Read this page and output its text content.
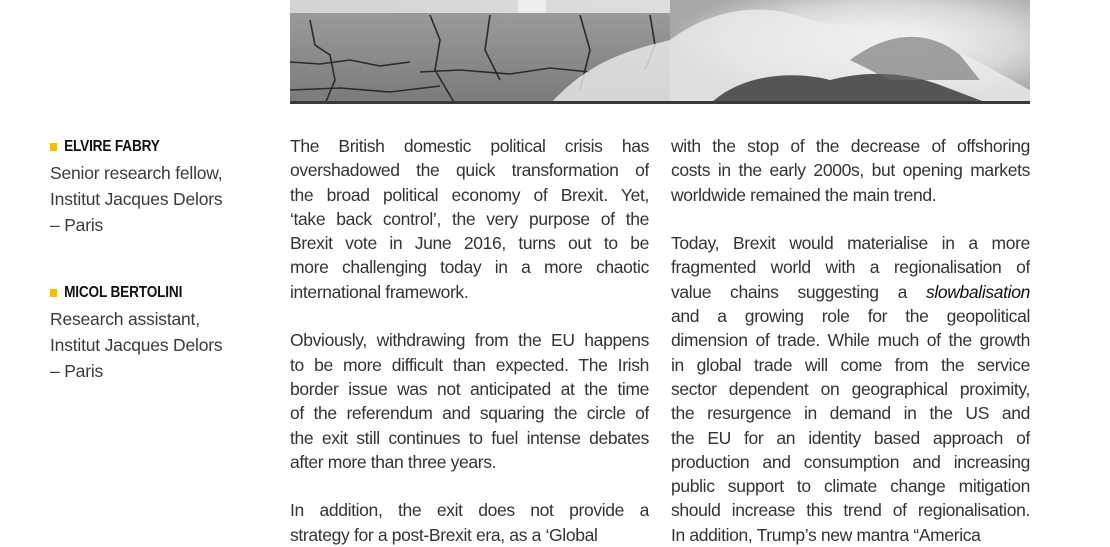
ELVIRE FABRY
Senior research fellow,
Institut Jacques Delors
– Paris
MICOL BERTOLINI
Research assistant,
Institut Jacques Delors
– Paris
The British domestic political crisis has
overshadowed the quick transformation of
the broad political economy of Brexit. Yet,
‘take back control’, the very purpose of the
Brexit vote in June 2016, turns out to be
more challenging today in a more chaotic
international framework.
Obviously, withdrawing from the EU happens
to be more difficult than expected. The Irish
border issue was not anticipated at the time
of the referendum and squaring the circle of
the exit still continues to fuel intense debates
after more than three years.
In addition, the exit does not provide a
strategy for a post-Brexit era, as a ‘Global
with the stop of the decrease of offshoring
costs in the early 2000s, but opening markets
worldwide remained the main trend.
Today, Brexit would materialise in a more
fragmented world with a regionalisation of
value chains suggesting a slowbalisation
and a growing role for the geopolitical
dimension of trade. While much of the growth
in global trade will come from the service
sector dependent on geographical proximity,
the resurgence in demand in the US and
the EU for an identity based approach of
production and consumption and increasing
public support to climate change mitigation
should increase this trend of regionalisation.
In addition, Trump’s new mantra “America
